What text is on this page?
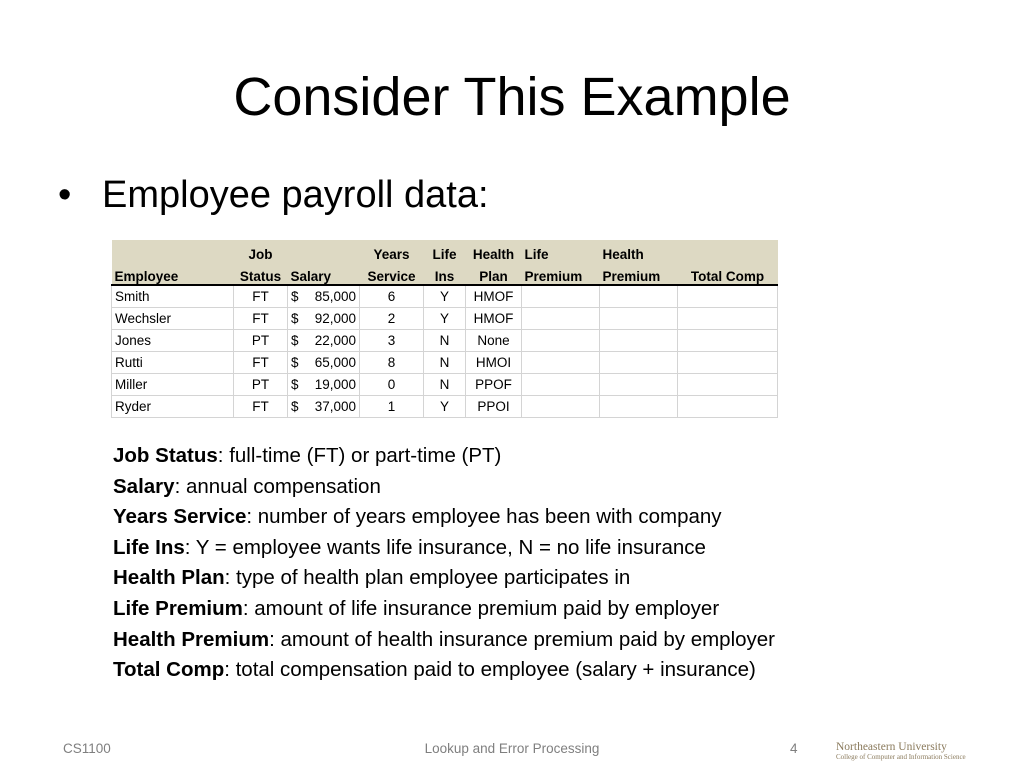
Consider This Example
• Employee payroll data:
	Job		Years	Life	Health	Life	Health	
Employee	Status	Salary	Service	Ins	Plan	Premium	Premium	Total Comp
Smith	FT	$ 85,000	6	Y	HMOF			
Wechsler	FT	$ 92,000	2	Y	HMOF			
Jones	PT	$ 22,000	3	N	None			
Rutti	FT	$ 65,000	8	N	HMOI			
Miller	PT	$ 19,000	0	N	PPOF			
Ryder	FT	$ 37,000	1	Y	PPOI			
Job Status: full-time (FT) or part-time (PT)
Salary: annual compensation
Years Service: number of years employee has been with company
Life Ins: Y = employee wants life insurance, N = no life insurance
Health Plan: type of health plan employee participates in
Life Premium: amount of life insurance premium paid by employer
Health Premium: amount of health insurance premium paid by employer
Total Comp: total compensation paid to employee (salary + insurance)
CS1100	Lookup and Error Processing	4	Northeastern University
College of Computer and Information Science
